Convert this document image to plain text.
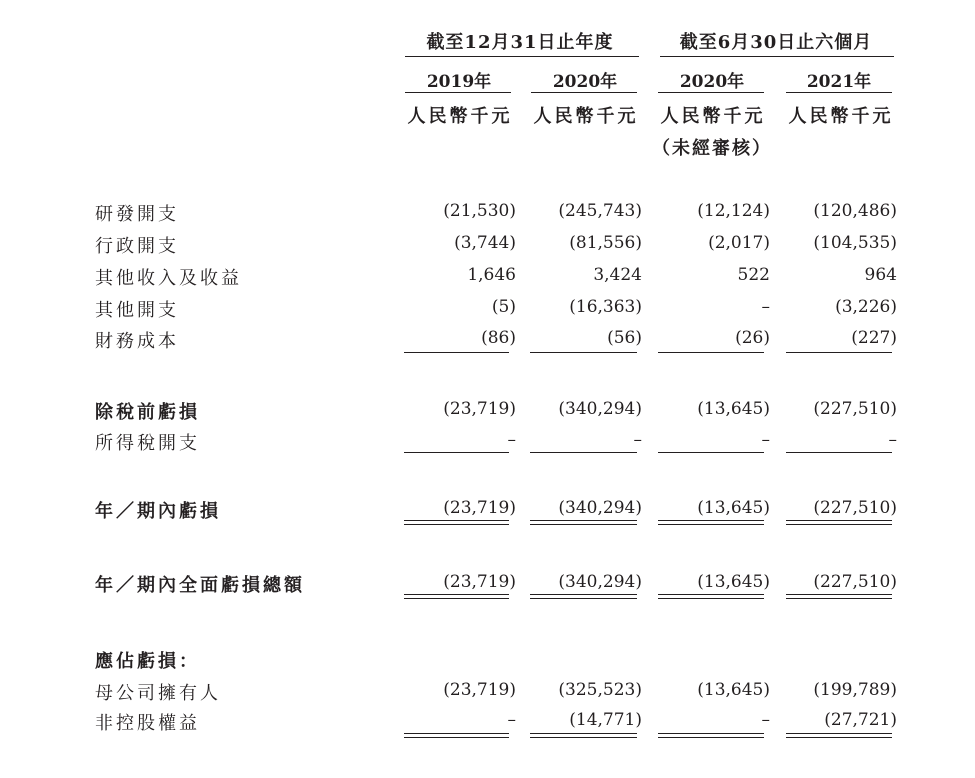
截至12月31日止年度	截至6月30日止六個月
2019年	2020年	2020年	2021年
人民幣千元	人民幣千元	人民幣千元	人民幣千元
（未經審核）
研發開支	(21,530)	(245,743)	(12,124)	(120,486)
行政開支	(3,744)	(81,556)	(2,017)	(104,535)
其他收入及收益	1,646	3,424	522	964
其他開支	(5)	(16,363)	–	(3,226)
財務成本	(86)	(56)	(26)	(227)
除稅前虧損	(23,719)	(340,294)	(13,645)	(227,510)
所得稅開支	–	–	–	–
年／期內虧損	(23,719)	(340,294)	(13,645)	(227,510)
年／期內全面虧損總額	(23,719)	(340,294)	(13,645)	(227,510)
應佔虧損：
母公司擁有人	(23,719)	(325,523)	(13,645)	(199,789)
非控股權益	–	(14,771)	–	(27,721)
